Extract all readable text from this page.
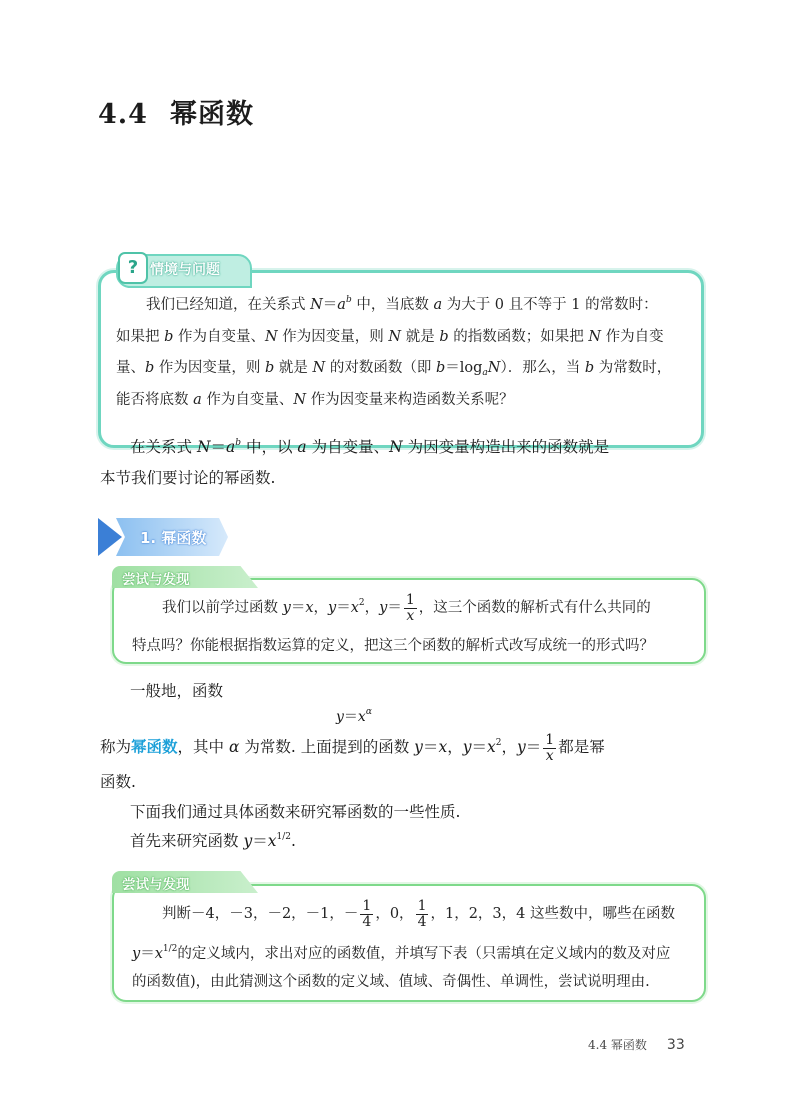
4.4 幂函数
? 情境与问题
我们已经知道，在关系式 $N=a^b$ 中，当底数 a 为大于 0 且不等于 1 的常数时：
如果把 b 作为自变量、N 作为因变量，则 N 就是 b 的指数函数；如果把 N 作为自变
量、b 作为因变量，则 b 就是 N 的对数函数（即 $b=\log_aN$）．那么，当 b 为常数时，
能否将底数 a 作为自变量、N 作为因变量来构造函数关系呢？
在关系式 $N=a^b$ 中，以 a 为自变量、N 为因变量构造出来的函数就是
本节我们要讨论的幂函数.
1. 幂函数
尝试与发现
我们以前学过函数 y＝x，$y=x^2$，$y= \frac{1}{x}$ ，这三个函数的解析式有什么共同的
特点吗？你能根据指数运算的定义，把这三个函数的解析式改写成统一的形式吗？
一般地，函数
$y=x^\alpha$
称为幂函数，其中 α 为常数. 上面提到的函数 y＝x，$y=x^2$，$y= \frac{1}{x}$ 都是幂
函数.
下面我们通过具体函数来研究幂函数的一些性质.
首先来研究函数 $y=x^{1/2}$.
尝试与发现
判断－4，－3，－2，－1，－ $\frac{1}{4}$ ，0， $\frac{1}{4}$ ，1，2，3，4 这些数中，哪些在函数
$y=x^{1/2}$的定义域内，求出对应的函数值，并填写下表（只需填在定义域内的数及对应
的函数值)，由此猜测这个函数的定义域、值域、奇偶性、单调性，尝试说明理由.
4.4 幂函数 33
